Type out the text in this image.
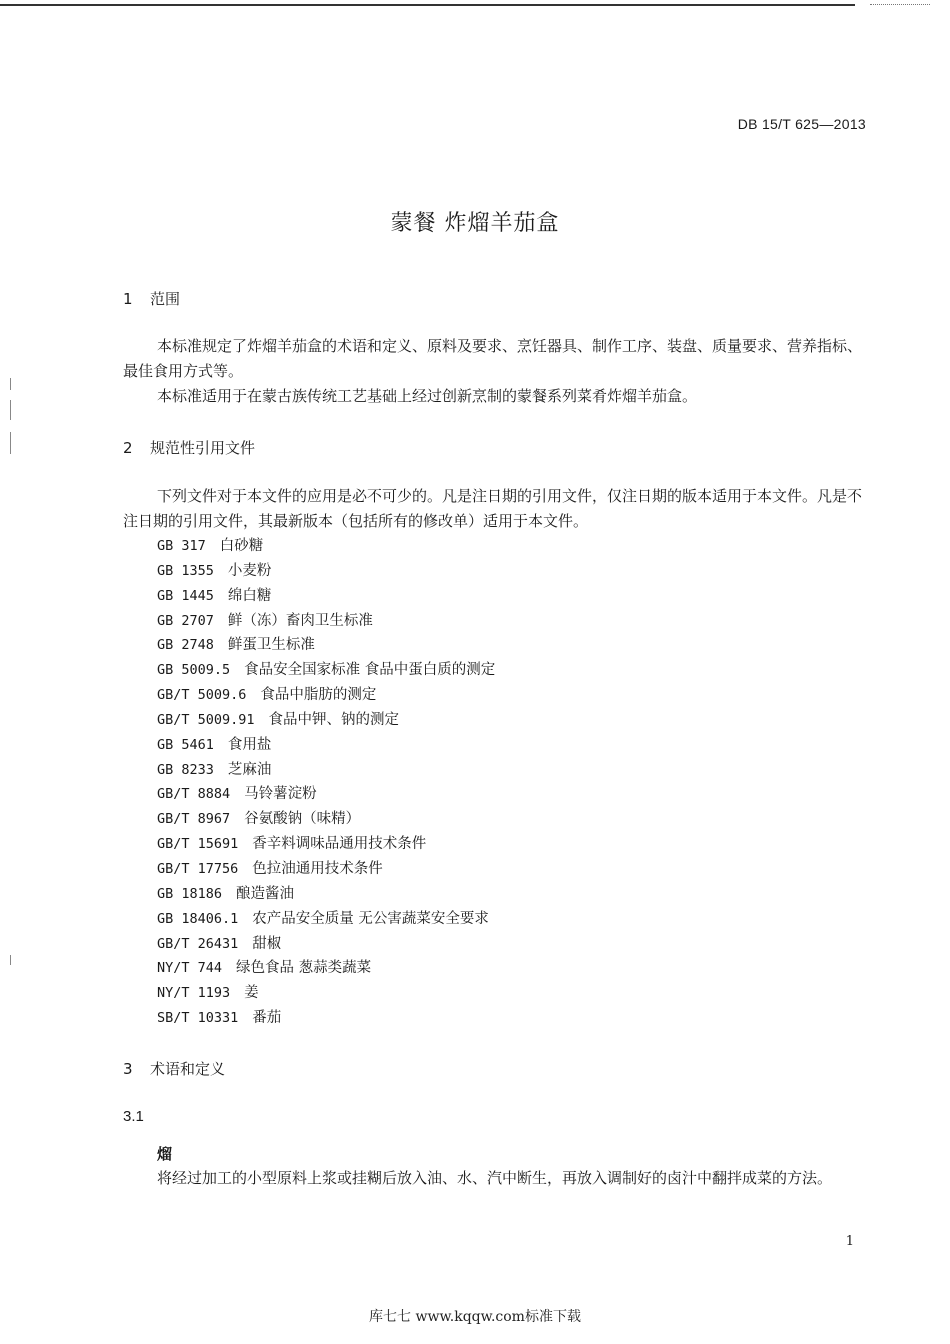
DB 15/T 625—2013
蒙餐 炸熘羊茄盒
1 范围

本标准规定了炸熘羊茄盒的术语和定义、原料及要求、烹饪器具、制作工序、装盘、质量要求、营养指标、最佳食用方式等。

本标准适用于在蒙古族传统工艺基础上经过创新烹制的蒙餐系列菜肴炸熘羊茄盒。

2 规范性引用文件

下列文件对于本文件的应用是必不可少的。凡是注日期的引用文件，仅注日期的版本适用于本文件。凡是不注日期的引用文件，其最新版本（包括所有的修改单）适用于本文件。

GB 317 白砂糖
GB 1355 小麦粉
GB 1445 绵白糖
GB 2707 鲜（冻）畜肉卫生标准
GB 2748 鲜蛋卫生标准
GB 5009.5 食品安全国家标准 食品中蛋白质的测定
GB/T 5009.6 食品中脂肪的测定
GB/T 5009.91 食品中钾、钠的测定
GB 5461 食用盐
GB 8233 芝麻油
GB/T 8884 马铃薯淀粉
GB/T 8967 谷氨酸钠（味精）
GB/T 15691 香辛料调味品通用技术条件
GB/T 17756 色拉油通用技术条件
GB 18186 酿造酱油
GB 18406.1 农产品安全质量 无公害蔬菜安全要求
GB/T 26431 甜椒
NY/T 744 绿色食品 葱蒜类蔬菜
NY/T 1193 姜
SB/T 10331 番茄
3 术语和定义
3.1
熘

将经过加工的小型原料上浆或挂糊后放入油、水、汽中断生，再放入调制好的卤汁中翻拌成菜的方法。

1
库七七 www.kqqw.com标准下载
